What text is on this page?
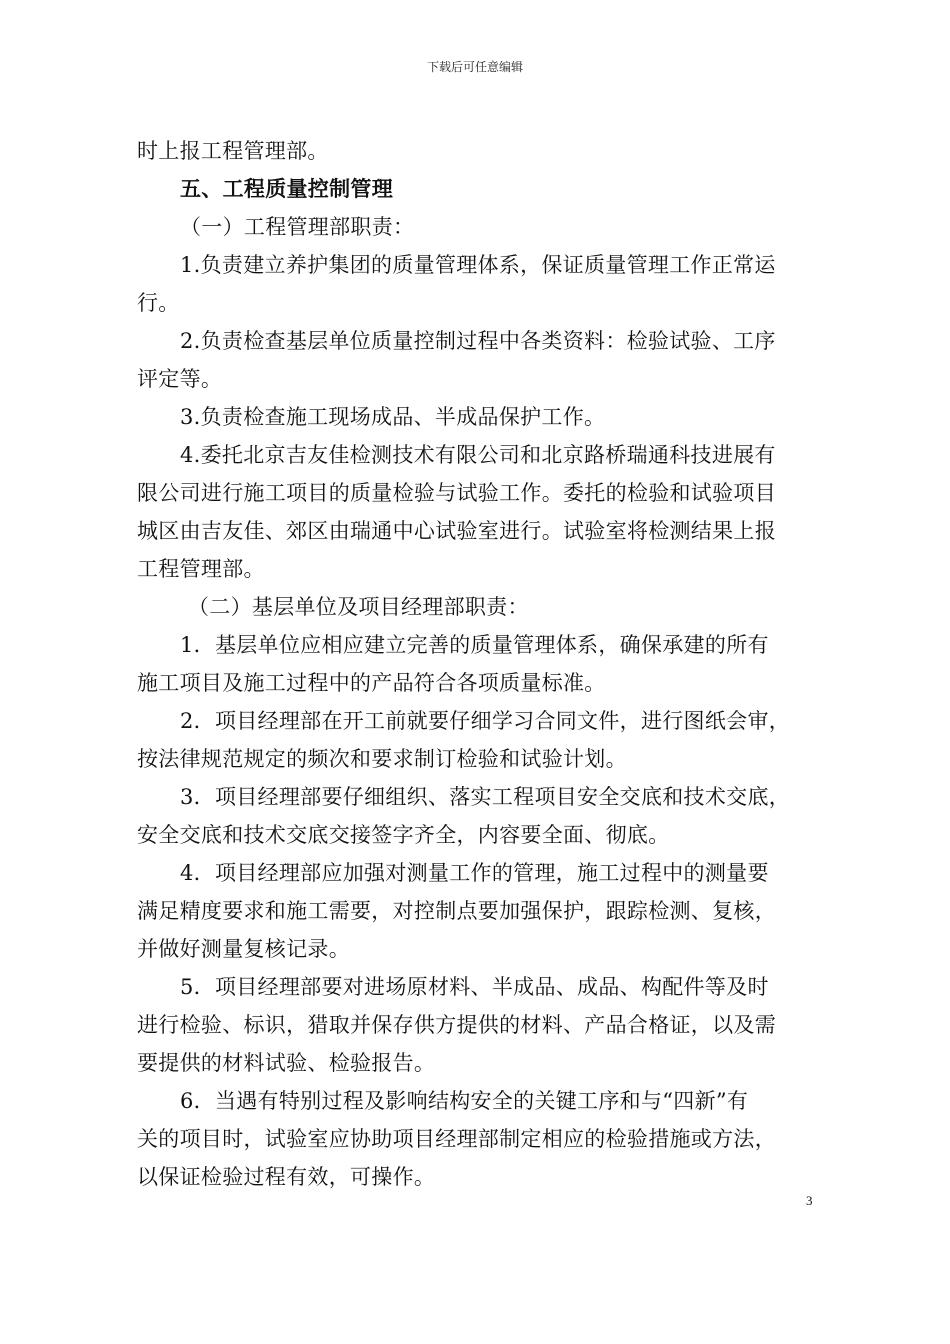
下载后可任意编辑
时上报工程管理部。
五、工程质量控制管理
（一）工程管理部职责：
1.负责建立养护集团的质量管理体系，保证质量管理工作正常运
行。
2.负责检查基层单位质量控制过程中各类资料：检验试验、工序
评定等。
3.负责检查施工现场成品、半成品保护工作。
4.委托北京吉友佳检测技术有限公司和北京路桥瑞通科技进展有
限公司进行施工项目的质量检验与试验工作。委托的检验和试验项目
城区由吉友佳、郊区由瑞通中心试验室进行。试验室将检测结果上报
工程管理部。
（二）基层单位及项目经理部职责：
1．基层单位应相应建立完善的质量管理体系，确保承建的所有
施工项目及施工过程中的产品符合各项质量标准。
2．项目经理部在开工前就要仔细学习合同文件，进行图纸会审，
按法律规范规定的频次和要求制订检验和试验计划。
3．项目经理部要仔细组织、落实工程项目安全交底和技术交底，
安全交底和技术交底交接签字齐全，内容要全面、彻底。
4．项目经理部应加强对测量工作的管理，施工过程中的测量要
满足精度要求和施工需要，对控制点要加强保护，跟踪检测、复核，
并做好测量复核记录。
5．项目经理部要对进场原材料、半成品、成品、构配件等及时
进行检验、标识，猎取并保存供方提供的材料、产品合格证，以及需
要提供的材料试验、检验报告。
6．当遇有特别过程及影响结构安全的关键工序和与“四新”有
关的项目时，试验室应协助项目经理部制定相应的检验措施或方法，
以保证检验过程有效，可操作。
3
